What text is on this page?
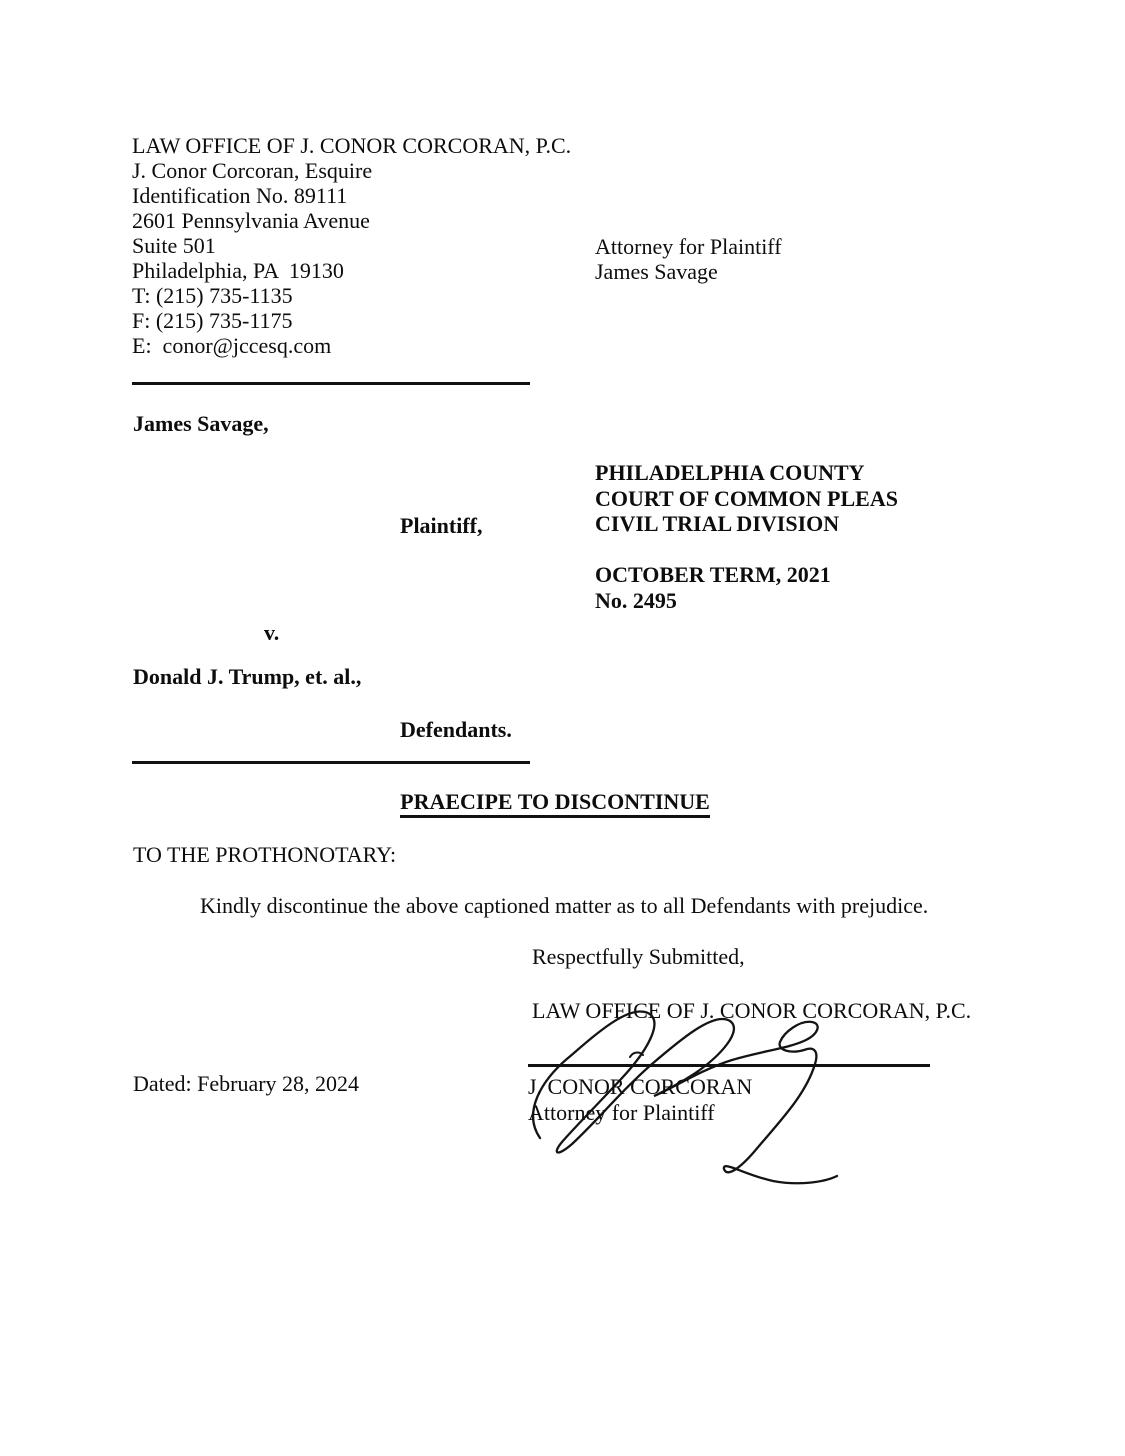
LAW OFFICE OF J. CONOR CORCORAN, P.C.
J. Conor Corcoran, Esquire
Identification No. 89111
2601 Pennsylvania Avenue
Suite 501
Philadelphia, PA  19130
T: (215) 735-1135
F: (215) 735-1175
E:  conor@jccesq.com
Attorney for Plaintiff
James Savage
James Savage,
PHILADELPHIA COUNTY
COURT OF COMMON PLEAS
CIVIL TRIAL DIVISION
OCTOBER TERM, 2021
No. 2495
Plaintiff,
v.
Donald J. Trump, et. al.,
Defendants.
PRAECIPE TO DISCONTINUE
TO THE PROTHONOTARY:
Kindly discontinue the above captioned matter as to all Defendants with prejudice.
Respectfully Submitted,
LAW OFFICE OF J. CONOR CORCORAN, P.C.
J. CONOR CORCORAN
Attorney for Plaintiff
Dated: February 28, 2024
